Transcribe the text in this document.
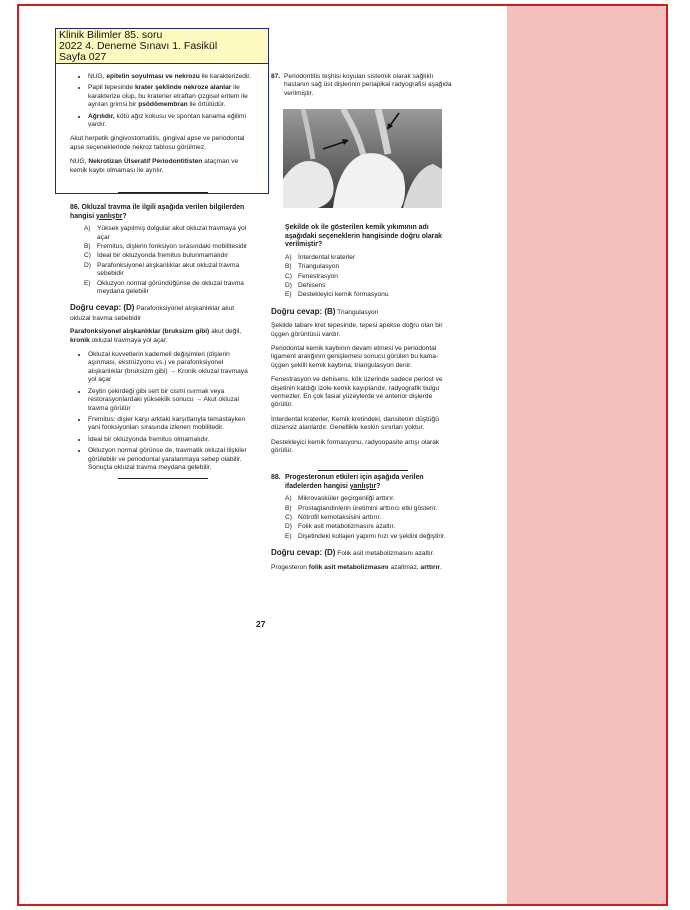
• NUG, epitelin soyulması ve nekrozu ile karakterizedir.
• Papil tepesinde krater şeklinde nekroze alanlar ile karakterize olup, bu kraterler etraftan çizgisel eritem ile ayrılan grimsi bir psödömembran ile örtülüdür.
• Ağrılıdır, kötü ağız kokusu ve spontan kanama eğilimi vardır.

Akut herpetik gingivostomatitis, gingival apse ve periodontal apse seçeneklerinde nekroz tablosu görülmez.

NUG, Nekrotizan Ülseratif Periodontitisten ataçman ve kemik kaybı olmaması ile ayrılır.

Klinik Bilimler 85. soru
2022 4. Deneme Sınavı 1. Fasikül
Sayfa 027
86. Okluzal travma ile ilgili aşağıda verilen bilgilerden hangisi yanlıştır?
A) Yüksek yapılmış dolgular akut okluzal travmaya yol açar
B) Fremitus, dişlerin fonksiyon sırasındaki mobilitesidir
C) İdeal bir okluzyonda fremitus bulunmamalıdır
D) Parafonksiyonel alışkanlıklar akut okluzal travma sebebidir
E) Okluzyon normal göründüğünse de okluzal travma meydana gelebilir
Doğru cevap: (D) Parafonksiyonel alışkanlıklar akut okluzal travma sebebidir

Parafonksiyonel alışkanlıklar (bruksizm gibi) akut değil, kronik okluzal travmaya yol açar.

• Okluzal kuvvetlerin kademeli değişimleri (dişlerin aşınması, ekstrüzyonu vs.) ve parafonksiyonel alışkanlıklar (bruksizm gibi) → Kronik okluzal travmaya yol açar
• Zeytin çekirdeği gibi sert bir cismi ısırmak veya restorasyonlardaki yükseklik sonucu → Akut okluzal travma görülür
• Fremitus: dişler karşı arktaki karşıtlarıyla temastayken yani fonksiyonları sırasında izlenen mobilitedir.
• İdeal bir okluzyonda fremitus olmamalıdır.
• Okluzyon normal görünse de, travmatik okluzal ilişkiler görülebilir ve periodontal yaralanmaya sebep olabilir. Sonuçta okluzal travma meydana gelebilir.
87. Periodontitis teşhisi koyulan sistemik olarak sağlıklı hastanın sağ üst dişlerinin periapikal radyografisi aşağıda verilmiştir.
Şekilde ok ile gösterilen kemik yıkımının adı aşağıdaki seçeneklerin hangisinde doğru olarak verilmiştir?
A) İnterdental kraterler
B) Triangulasyon
C) Fenestrasyon
D) Dehisens
E) Destekleyici kemik formasyonu
Doğru cevap: (B) Triangulasyon

Şekilde tabanı kret tepesinde, tepesi apekse doğru olan bir üçgen görüntüsü vardır.

Periodontal kemik kaybının devam etmesi ve periodontal ligament aralığının genişlemesi sonucu görülen bu kama-üçgen şekilli kemik kaybına; triangulasyon denir.

Fenestrasyon ve dehisens, kök üzerinde sadece periost ve dişetinin kaldığı izole kemik kayıplarıdır, radyografik bulgu vermezler. En çok fasial yüzeylerde ve anterior dişlerde görülür.

İnterdental kraterler, Kemik kretindeki, dansitenin düştüğü düzensiz alanlardır. Genellikle keskin sınırları yoktur.

Destekleyici kemik formasyonu, radyoopasite artışı olarak görülür.

88. Progesteronun etkileri için aşağıda verilen ifadelerden hangisi yanlıştır?
A) Mikrovasküler geçirgenliği arttırır.
B) Prostaglandinlerin üretimini arttırıcı etki gösterir.
C) Nötrofil kemotaksisini arttırır.
D) Folik asit metabolizmasını azaltır.
E) Dişetindeki kollajen yapımı hızı ve şeklini değiştirir.
Doğru cevap: (D) Folik asit metabolizmasını azaltır.

Progesteron folik asit metabolizmasını azaltmaz, arttırır.

27
